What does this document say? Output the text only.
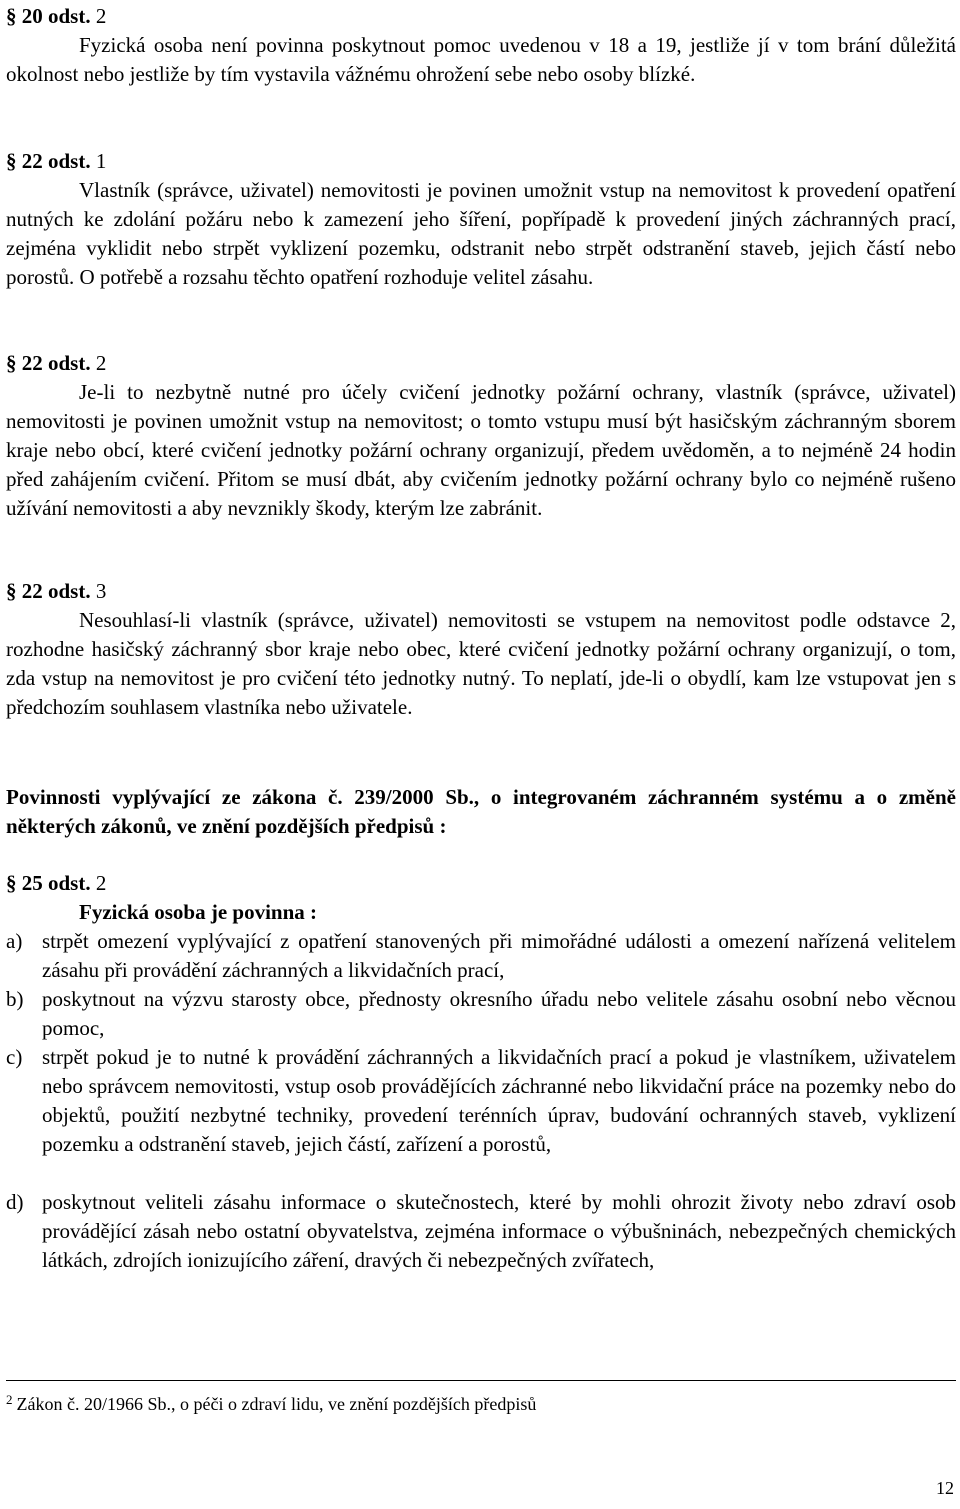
§ 20 odst. 2

Fyzická osoba není povinna poskytnout pomoc uvedenou v 18 a 19, jestliže jí v tom brání důležitá okolnost nebo jestliže by tím vystavila vážnému ohrožení sebe nebo osoby blízké.

§ 22 odst. 1

Vlastník (správce, uživatel) nemovitosti je povinen umožnit vstup na nemovitost k provedení opatření nutných ke zdolání požáru nebo k zamezení jeho šíření, popřípadě k provedení jiných záchranných prací, zejména vyklidit nebo strpět vyklizení pozemku, odstranit nebo strpět odstranění staveb, jejich částí nebo porostů. O potřebě a rozsahu těchto opatření rozhoduje velitel zásahu.

§ 22 odst. 2

Je-li to nezbytně nutné pro účely cvičení jednotky požární ochrany, vlastník (správce, uživatel) nemovitosti je povinen umožnit vstup na nemovitost; o tomto vstupu musí být hasičským záchranným sborem kraje nebo obcí, které cvičení jednotky požární ochrany organizují, předem uvědoměn, a to nejméně 24 hodin před zahájením cvičení. Přitom se musí dbát, aby cvičením jednotky požární ochrany bylo co nejméně rušeno užívání nemovitosti a aby nevznikly škody, kterým lze zabránit.

§ 22 odst. 3

Nesouhlasí-li vlastník (správce, uživatel) nemovitosti se vstupem na nemovitost podle odstavce 2, rozhodne hasičský záchranný sbor kraje nebo obec, které cvičení jednotky požární ochrany organizují, o tom, zda vstup na nemovitost je pro cvičení této jednotky nutný. To neplatí, jde-li o obydlí, kam lze vstupovat jen s předchozím souhlasem vlastníka nebo uživatele.

Povinnosti vyplývající ze zákona č. 239/2000 Sb., o integrovaném záchranném systému a o změně některých zákonů, ve znění pozdějších předpisů :

§ 25 odst. 2
Fyzická osoba je povinna :
a) strpět omezení vyplývající z opatření stanovených při mimořádné události a omezení nařízená velitelem zásahu při provádění záchranných a likvidačních prací,
b) poskytnout na výzvu starosty obce, přednosty okresního úřadu nebo velitele zásahu osobní nebo věcnou pomoc,
c) strpět pokud je to nutné k provádění záchranných a likvidačních prací a pokud je vlastníkem, uživatelem nebo správcem nemovitosti, vstup osob provádějících záchranné nebo likvidační práce na pozemky nebo do objektů, použití nezbytné techniky, provedení terénních úprav, budování ochranných staveb, vyklizení pozemku a odstranění staveb, jejich částí, zařízení a porostů,
d) poskytnout veliteli zásahu informace o skutečnostech, které by mohli ohrozit životy nebo zdraví osob provádějící zásah nebo ostatní obyvatelstva, zejména informace o výbušninách, nebezpečných chemických látkách, zdrojích ionizujícího záření, dravých či nebezpečných zvířatech,
$^2$ Zákon č. 20/1966 Sb., o péči o zdraví lidu, ve znění pozdějších předpisů
12
